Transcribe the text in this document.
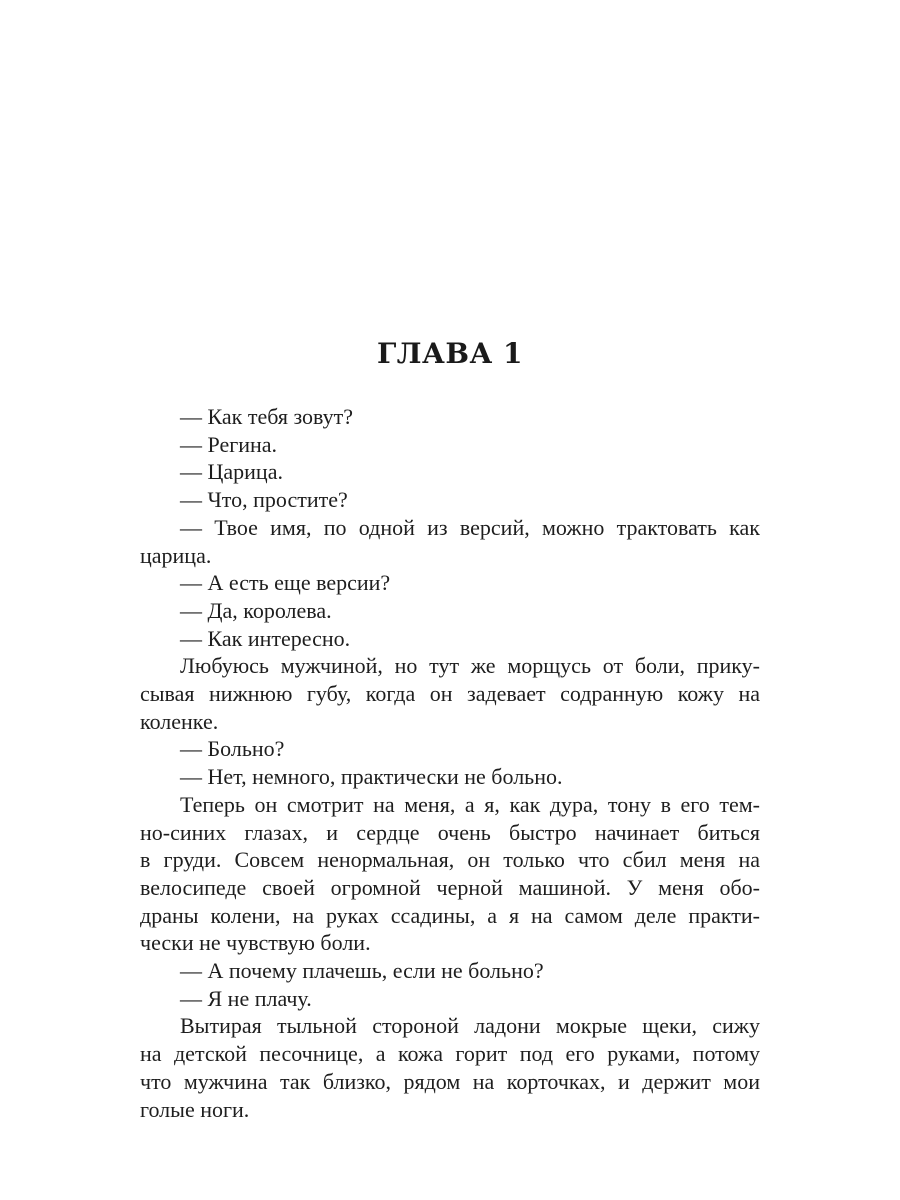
ГЛАВА 1
— Как тебя зовут?
— Регина.
— Царица.
— Что, простите?
— Твое имя, по одной из версий, можно трактовать как
царица.
— А есть еще версии?
— Да, королева.
— Как интересно.
Любуюсь мужчиной, но тут же морщусь от боли, прику-
сывая нижнюю губу, когда он задевает содранную кожу на
коленке.
— Больно?
— Нет, немного, практически не больно.
Теперь он смотрит на меня, а я, как дура, тону в его тем-
но-синих глазах, и сердце очень быстро начинает биться
в груди. Совсем ненормальная, он только что сбил меня на
велосипеде своей огромной черной машиной. У меня обо-
драны колени, на руках ссадины, а я на самом деле практи-
чески не чувствую боли.
— А почему плачешь, если не больно?
— Я не плачу.
Вытирая тыльной стороной ладони мокрые щеки, сижу
на детской песочнице, а кожа горит под его руками, потому
что мужчина так близко, рядом на корточках, и держит мои
голые ноги.
